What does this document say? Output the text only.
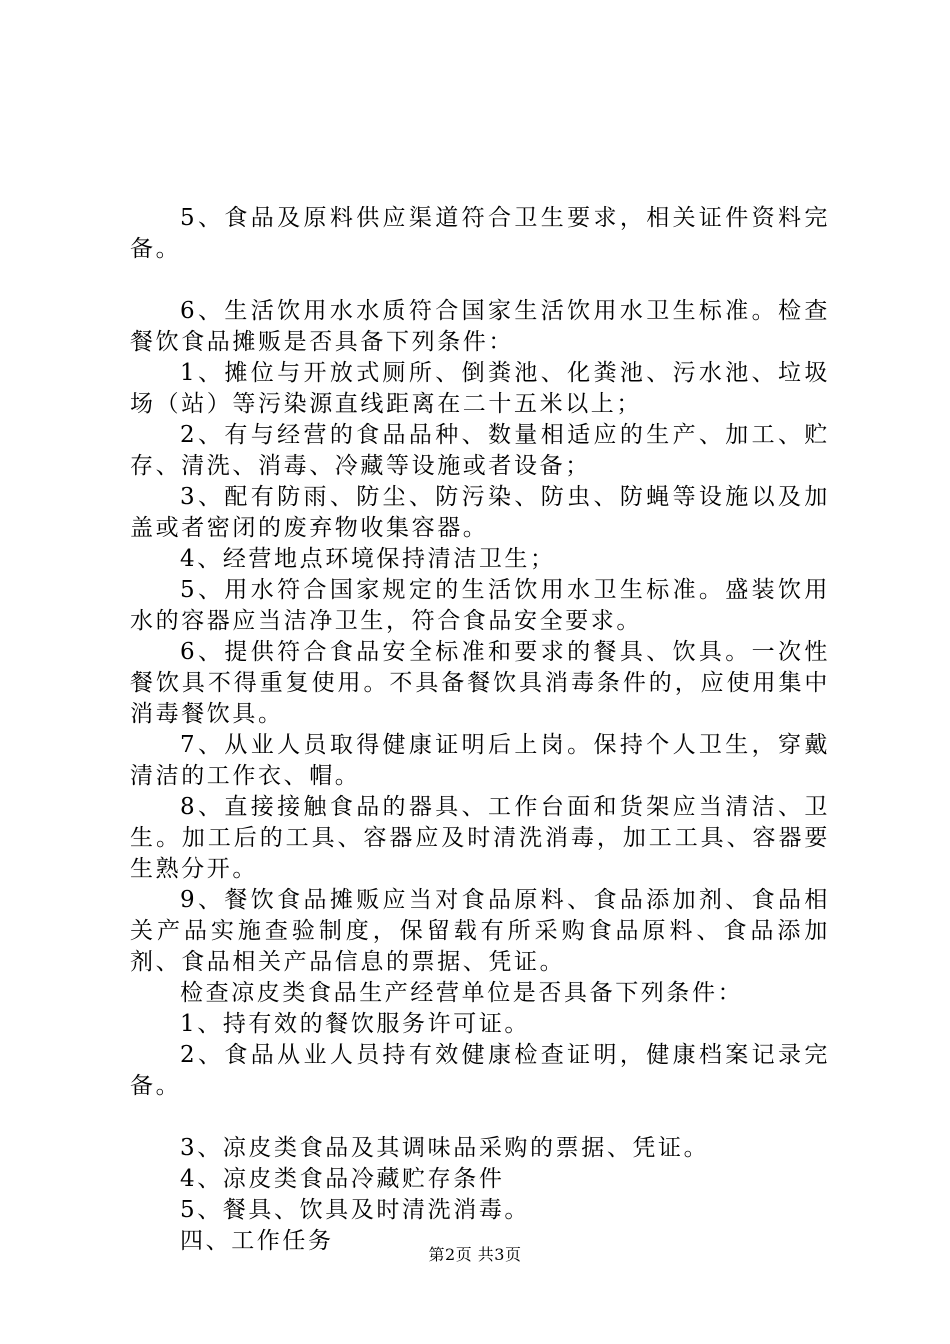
5、食品及原料供应渠道符合卫生要求，相关证件资料完备。

6、生活饮用水水质符合国家生活饮用水卫生标准。检查餐饮食品摊贩是否具备下列条件：

1、摊位与开放式厕所、倒粪池、化粪池、污水池、垃圾场（站）等污染源直线距离在二十五米以上；

2、有与经营的食品品种、数量相适应的生产、加工、贮存、清洗、消毒、冷藏等设施或者设备；

3、配有防雨、防尘、防污染、防虫、防蝇等设施以及加盖或者密闭的废弃物收集容器。

4、经营地点环境保持清洁卫生；

5、用水符合国家规定的生活饮用水卫生标准。盛装饮用水的容器应当洁净卫生，符合食品安全要求。

6、提供符合食品安全标准和要求的餐具、饮具。一次性餐饮具不得重复使用。不具备餐饮具消毒条件的，应使用集中消毒餐饮具。

7、从业人员取得健康证明后上岗。保持个人卫生，穿戴清洁的工作衣、帽。

8、直接接触食品的器具、工作台面和货架应当清洁、卫生。加工后的工具、容器应及时清洗消毒，加工工具、容器要生熟分开。

9、餐饮食品摊贩应当对食品原料、食品添加剂、食品相关产品实施查验制度，保留载有所采购食品原料、食品添加剂、食品相关产品信息的票据、凭证。

检查凉皮类食品生产经营单位是否具备下列条件：

1、持有效的餐饮服务许可证。

2、食品从业人员持有效健康检查证明，健康档案记录完备。

3、凉皮类食品及其调味品采购的票据、凭证。

4、凉皮类食品冷藏贮存条件

5、餐具、饮具及时清洗消毒。

四、工作任务

第2页 共3页
